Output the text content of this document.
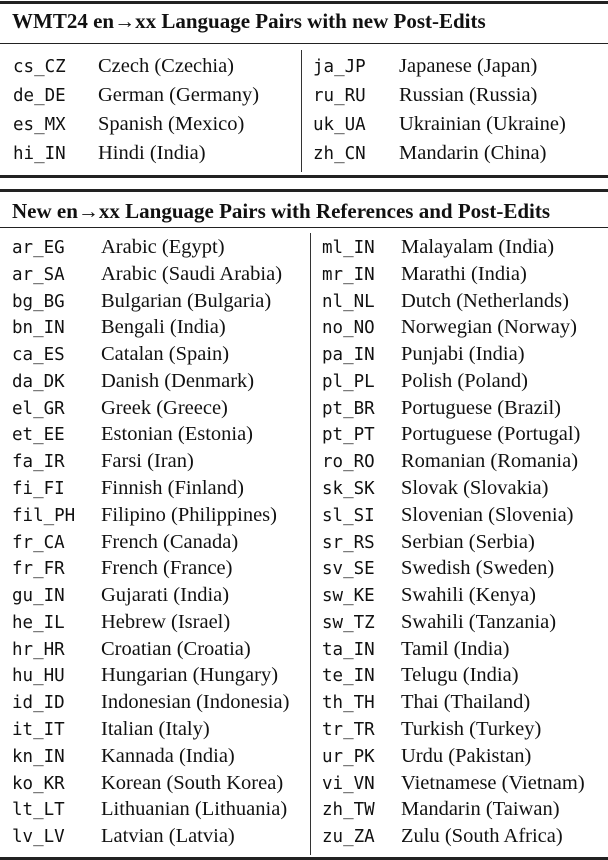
WMT24 en→xx Language Pairs with new Post-Edits
cs_CZ Czech (Czechia)
de_DE German (Germany)
es_MX Spanish (Mexico)
hi_IN Hindi (India)
ja_JP Japanese (Japan)
ru_RU Russian (Russia)
uk_UA Ukrainian (Ukraine)
zh_CN Mandarin (China)
New en→xx Language Pairs with References and Post-Edits
ar_EG Arabic (Egypt)
ar_SA Arabic (Saudi Arabia)
bg_BG Bulgarian (Bulgaria)
bn_IN Bengali (India)
ca_ES Catalan (Spain)
da_DK Danish (Denmark)
el_GR Greek (Greece)
et_EE Estonian (Estonia)
fa_IR Farsi (Iran)
fi_FI Finnish (Finland)
fil_PH Filipino (Philippines)
fr_CA French (Canada)
fr_FR French (France)
gu_IN Gujarati (India)
he_IL Hebrew (Israel)
hr_HR Croatian (Croatia)
hu_HU Hungarian (Hungary)
id_ID Indonesian (Indonesia)
it_IT Italian (Italy)
kn_IN Kannada (India)
ko_KR Korean (South Korea)
lt_LT Lithuanian (Lithuania)
lv_LV Latvian (Latvia)
ml_IN Malayalam (India)
mr_IN Marathi (India)
nl_NL Dutch (Netherlands)
no_NO Norwegian (Norway)
pa_IN Punjabi (India)
pl_PL Polish (Poland)
pt_BR Portuguese (Brazil)
pt_PT Portuguese (Portugal)
ro_RO Romanian (Romania)
sk_SK Slovak (Slovakia)
sl_SI Slovenian (Slovenia)
sr_RS Serbian (Serbia)
sv_SE Swedish (Sweden)
sw_KE Swahili (Kenya)
sw_TZ Swahili (Tanzania)
ta_IN Tamil (India)
te_IN Telugu (India)
th_TH Thai (Thailand)
tr_TR Turkish (Turkey)
ur_PK Urdu (Pakistan)
vi_VN Vietnamese (Vietnam)
zh_TW Mandarin (Taiwan)
zu_ZA Zulu (South Africa)
